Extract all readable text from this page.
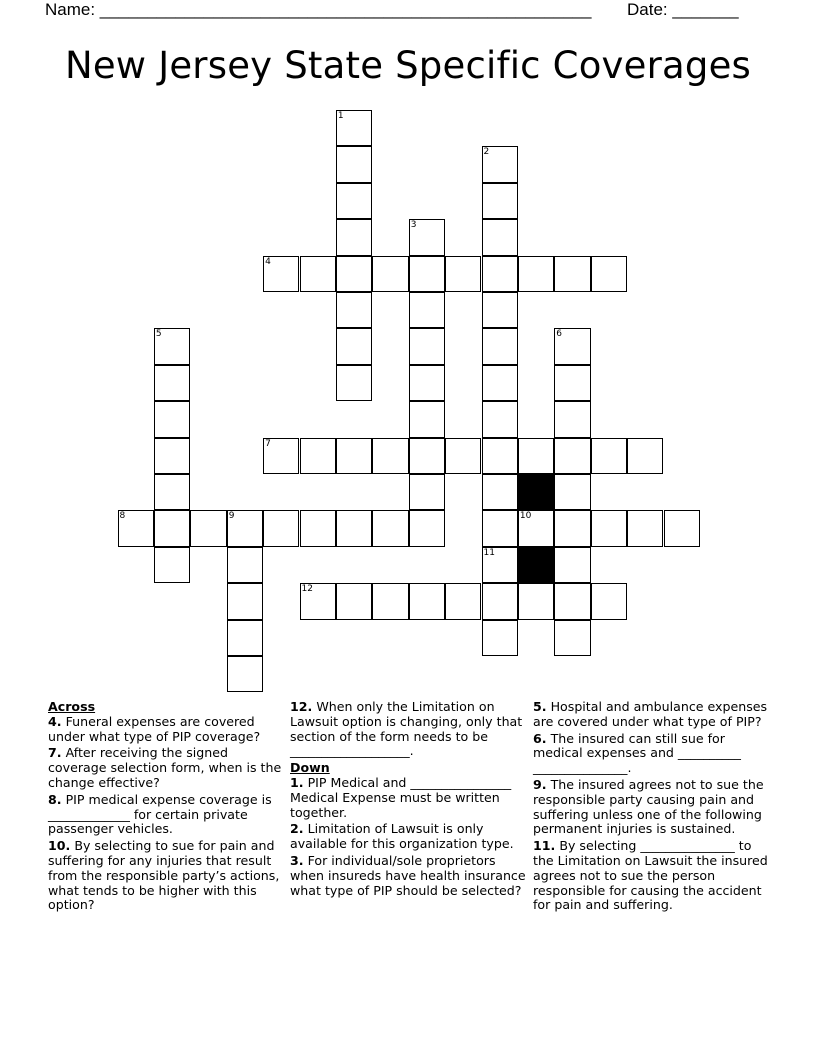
Name: ____________________________________________________ Date: _______
New Jersey State Specific Coverages
1
2
11
3
4
5	6
7
8	9	10
12

Across

4. Funeral expenses are covered under what type of PIP coverage?

7. After receiving the signed coverage selection form, when is the change effective?

8. PIP medical expense coverage is _____________ for certain private passenger vehicles.

10. By selecting to sue for pain and suffering for any injuries that result from the responsible party’s actions, what tends to be higher with this option?

12. When only the Limitation on Lawsuit option is changing, only that section of the form needs to be ___________________.

Down

1. PIP Medical and ________________ Medical Expense must be written together.

2. Limitation of Lawsuit is only available for this organization type.

3. For individual/sole proprietors when insureds have health insurance what type of PIP should be selected?

5. Hospital and ambulance expenses are covered under what type of PIP?

6. The insured can still sue for medical expenses and __________ _______________.

9. The insured agrees not to sue the responsible party causing pain and suffering unless one of the following permanent injuries is sustained.

11. By selecting _______________ to the Limitation on Lawsuit the insured agrees not to sue the person responsible for causing the accident for pain and suffering.
